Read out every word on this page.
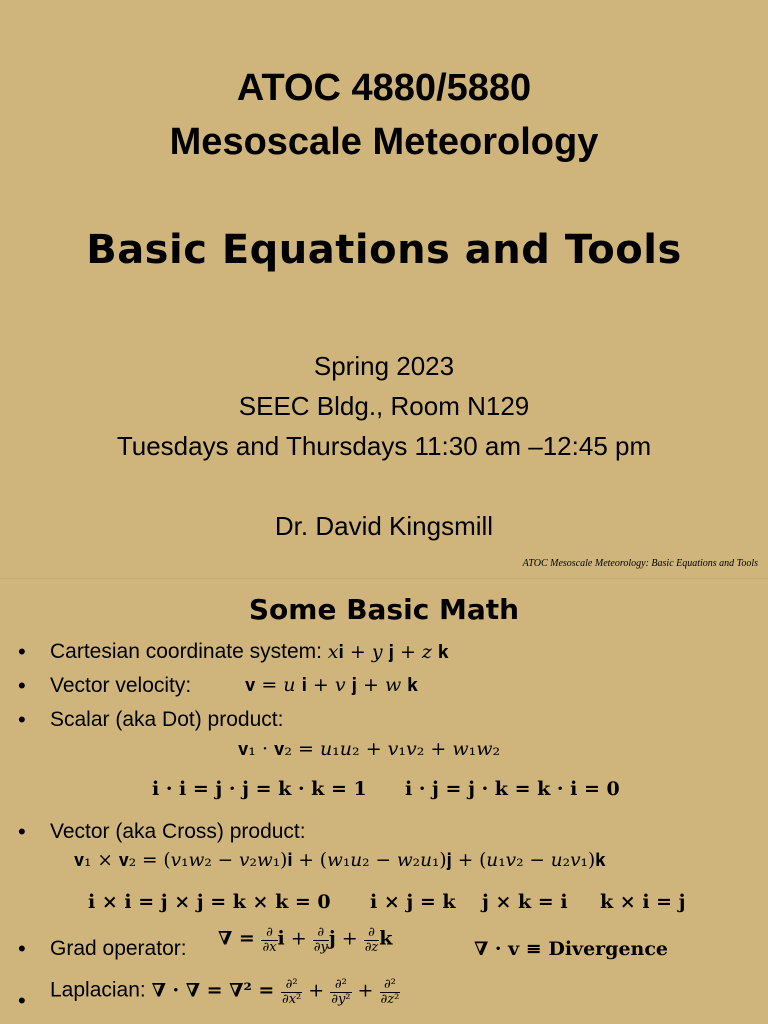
ATOC 4880/5880
Mesoscale Meteorology
Basic Equations and Tools
Spring 2023
SEEC Bldg., Room N129
Tuesdays and Thursdays 11:30 am –12:45 pm
Dr. David Kingsmill
ATOC Mesoscale Meteorology: Basic Equations and Tools
Some Basic Math
• Cartesian coordinate system: 𝑥𝐢 + 𝑦 𝐣 + 𝑧 𝐤
• Vector velocity:	𝐯 = 𝑢 𝐢 + 𝑣 𝐣 + 𝑤 𝐤
• Scalar (aka Dot) product:
𝐯₁ · 𝐯₂ = 𝑢₁𝑢₂ + 𝑣₁𝑣₂ + 𝑤₁𝑤₂
𝐢 · 𝐢 = 𝐣 · 𝐣 = 𝐤 · 𝐤 = 𝟏 𝐢 · 𝐣 = 𝐣 · 𝐤 = 𝐤 · 𝐢 = 𝟎
• Vector (aka Cross) product:
𝐯₁ × 𝐯₂ = (𝑣₁𝑤₂ − 𝑣₂𝑤₁)𝐢 + (𝑤₁𝑢₂ − 𝑤₂𝑢₁)𝐣 + (𝑢₁𝑣₂ − 𝑢₂𝑣₁)𝐤
𝐢 × 𝐢 = 𝐣 × 𝐣 = 𝐤 × 𝐤 = 𝟎 𝐢 × 𝐣 = 𝐤 𝐣 × 𝐤 = 𝐢 𝐤 × 𝐢 = 𝐣
• Grad operator: 𝛁 = $\frac{\partial}{\text{∂𝑥}}$ 𝐢 + $\frac{\partial}{\text{∂𝑦}}$ 𝐣 + $\frac{\partial}{\text{∂𝑧}}$ 𝐤	𝛁 · 𝐯 ≡ 𝐃𝐢𝐯𝐞𝐫𝐠𝐞𝐧𝐜𝐞
• Laplacian: 𝛁 · 𝛁 = 𝛁² = $\frac{\text{∂²}}{\text{∂𝑥²}} + \frac{\text{∂²}}{\text{∂𝑦²}} + \frac{\text{∂²}}{\text{∂𝑧²}}$
